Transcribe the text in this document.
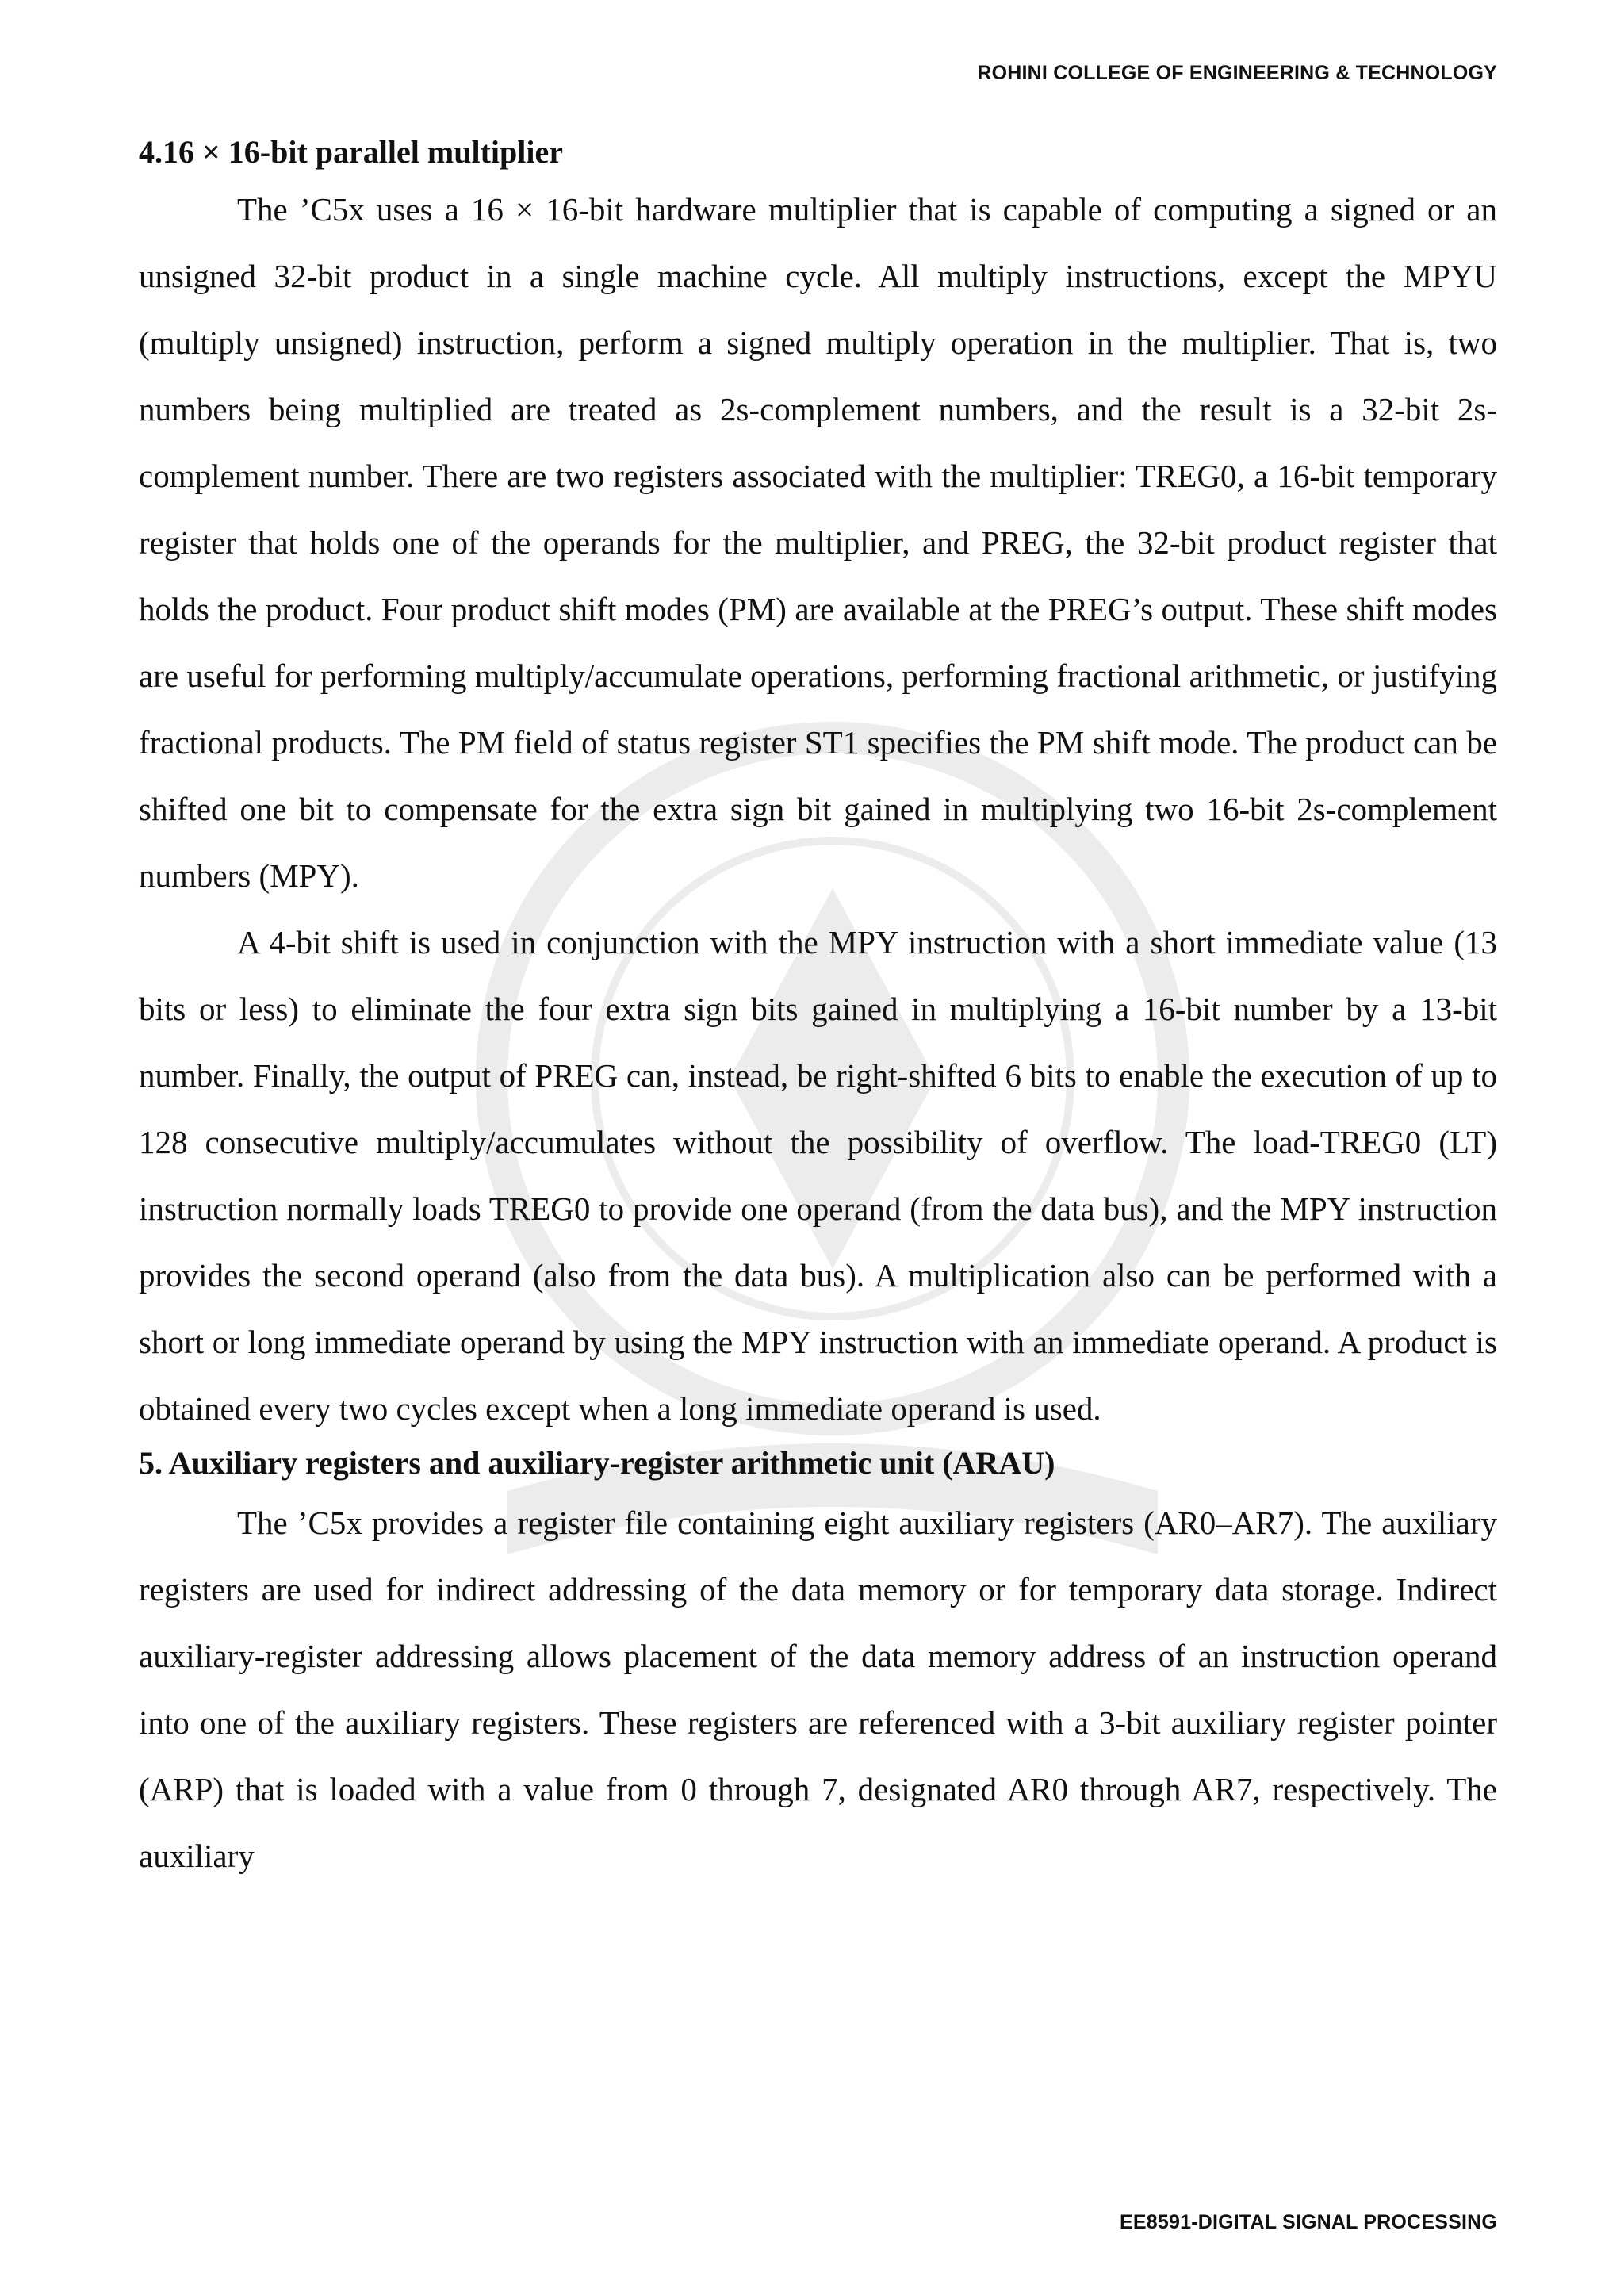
ROHINI COLLEGE OF ENGINEERING & TECHNOLOGY
4.16 × 16-bit parallel multiplier

The ’C5x uses a 16 × 16-bit hardware multiplier that is capable of computing a signed or an unsigned 32-bit product in a single machine cycle. All multiply instructions, except the MPYU (multiply unsigned) instruction, perform a signed multiply operation in the multiplier. That is, two numbers being multiplied are treated as 2s-complement numbers, and the result is a 32-bit 2s-complement number. There are two registers associated with the multiplier: TREG0, a 16-bit temporary register that holds one of the operands for the multiplier, and PREG, the 32-bit product register that holds the product. Four product shift modes (PM) are available at the PREG’s output. These shift modes are useful for performing multiply/accumulate operations, performing fractional arithmetic, or justifying fractional products. The PM field of status register ST1 specifies the PM shift mode. The product can be shifted one bit to compensate for the extra sign bit gained in multiplying two 16-bit 2s-complement numbers (MPY).

A 4-bit shift is used in conjunction with the MPY instruction with a short immediate value (13 bits or less) to eliminate the four extra sign bits gained in multiplying a 16-bit number by a 13-bit number. Finally, the output of PREG can, instead, be right-shifted 6 bits to enable the execution of up to 128 consecutive multiply/accumulates without the possibility of overflow. The load-TREG0 (LT) instruction normally loads TREG0 to provide one operand (from the data bus), and the MPY instruction provides the second operand (also from the data bus). A multiplication also can be performed with a short or long immediate operand by using the MPY instruction with an immediate operand. A product is obtained every two cycles except when a long immediate operand is used.

5. Auxiliary registers and auxiliary-register arithmetic unit (ARAU)

The ’C5x provides a register file containing eight auxiliary registers (AR0–AR7). The auxiliary registers are used for indirect addressing of the data memory or for temporary data storage. Indirect auxiliary-register addressing allows placement of the data memory address of an instruction operand into one of the auxiliary registers. These registers are referenced with a 3-bit auxiliary register pointer (ARP) that is loaded with a value from 0 through 7, designated AR0 through AR7, respectively. The auxiliary

EE8591-DIGITAL SIGNAL PROCESSING
